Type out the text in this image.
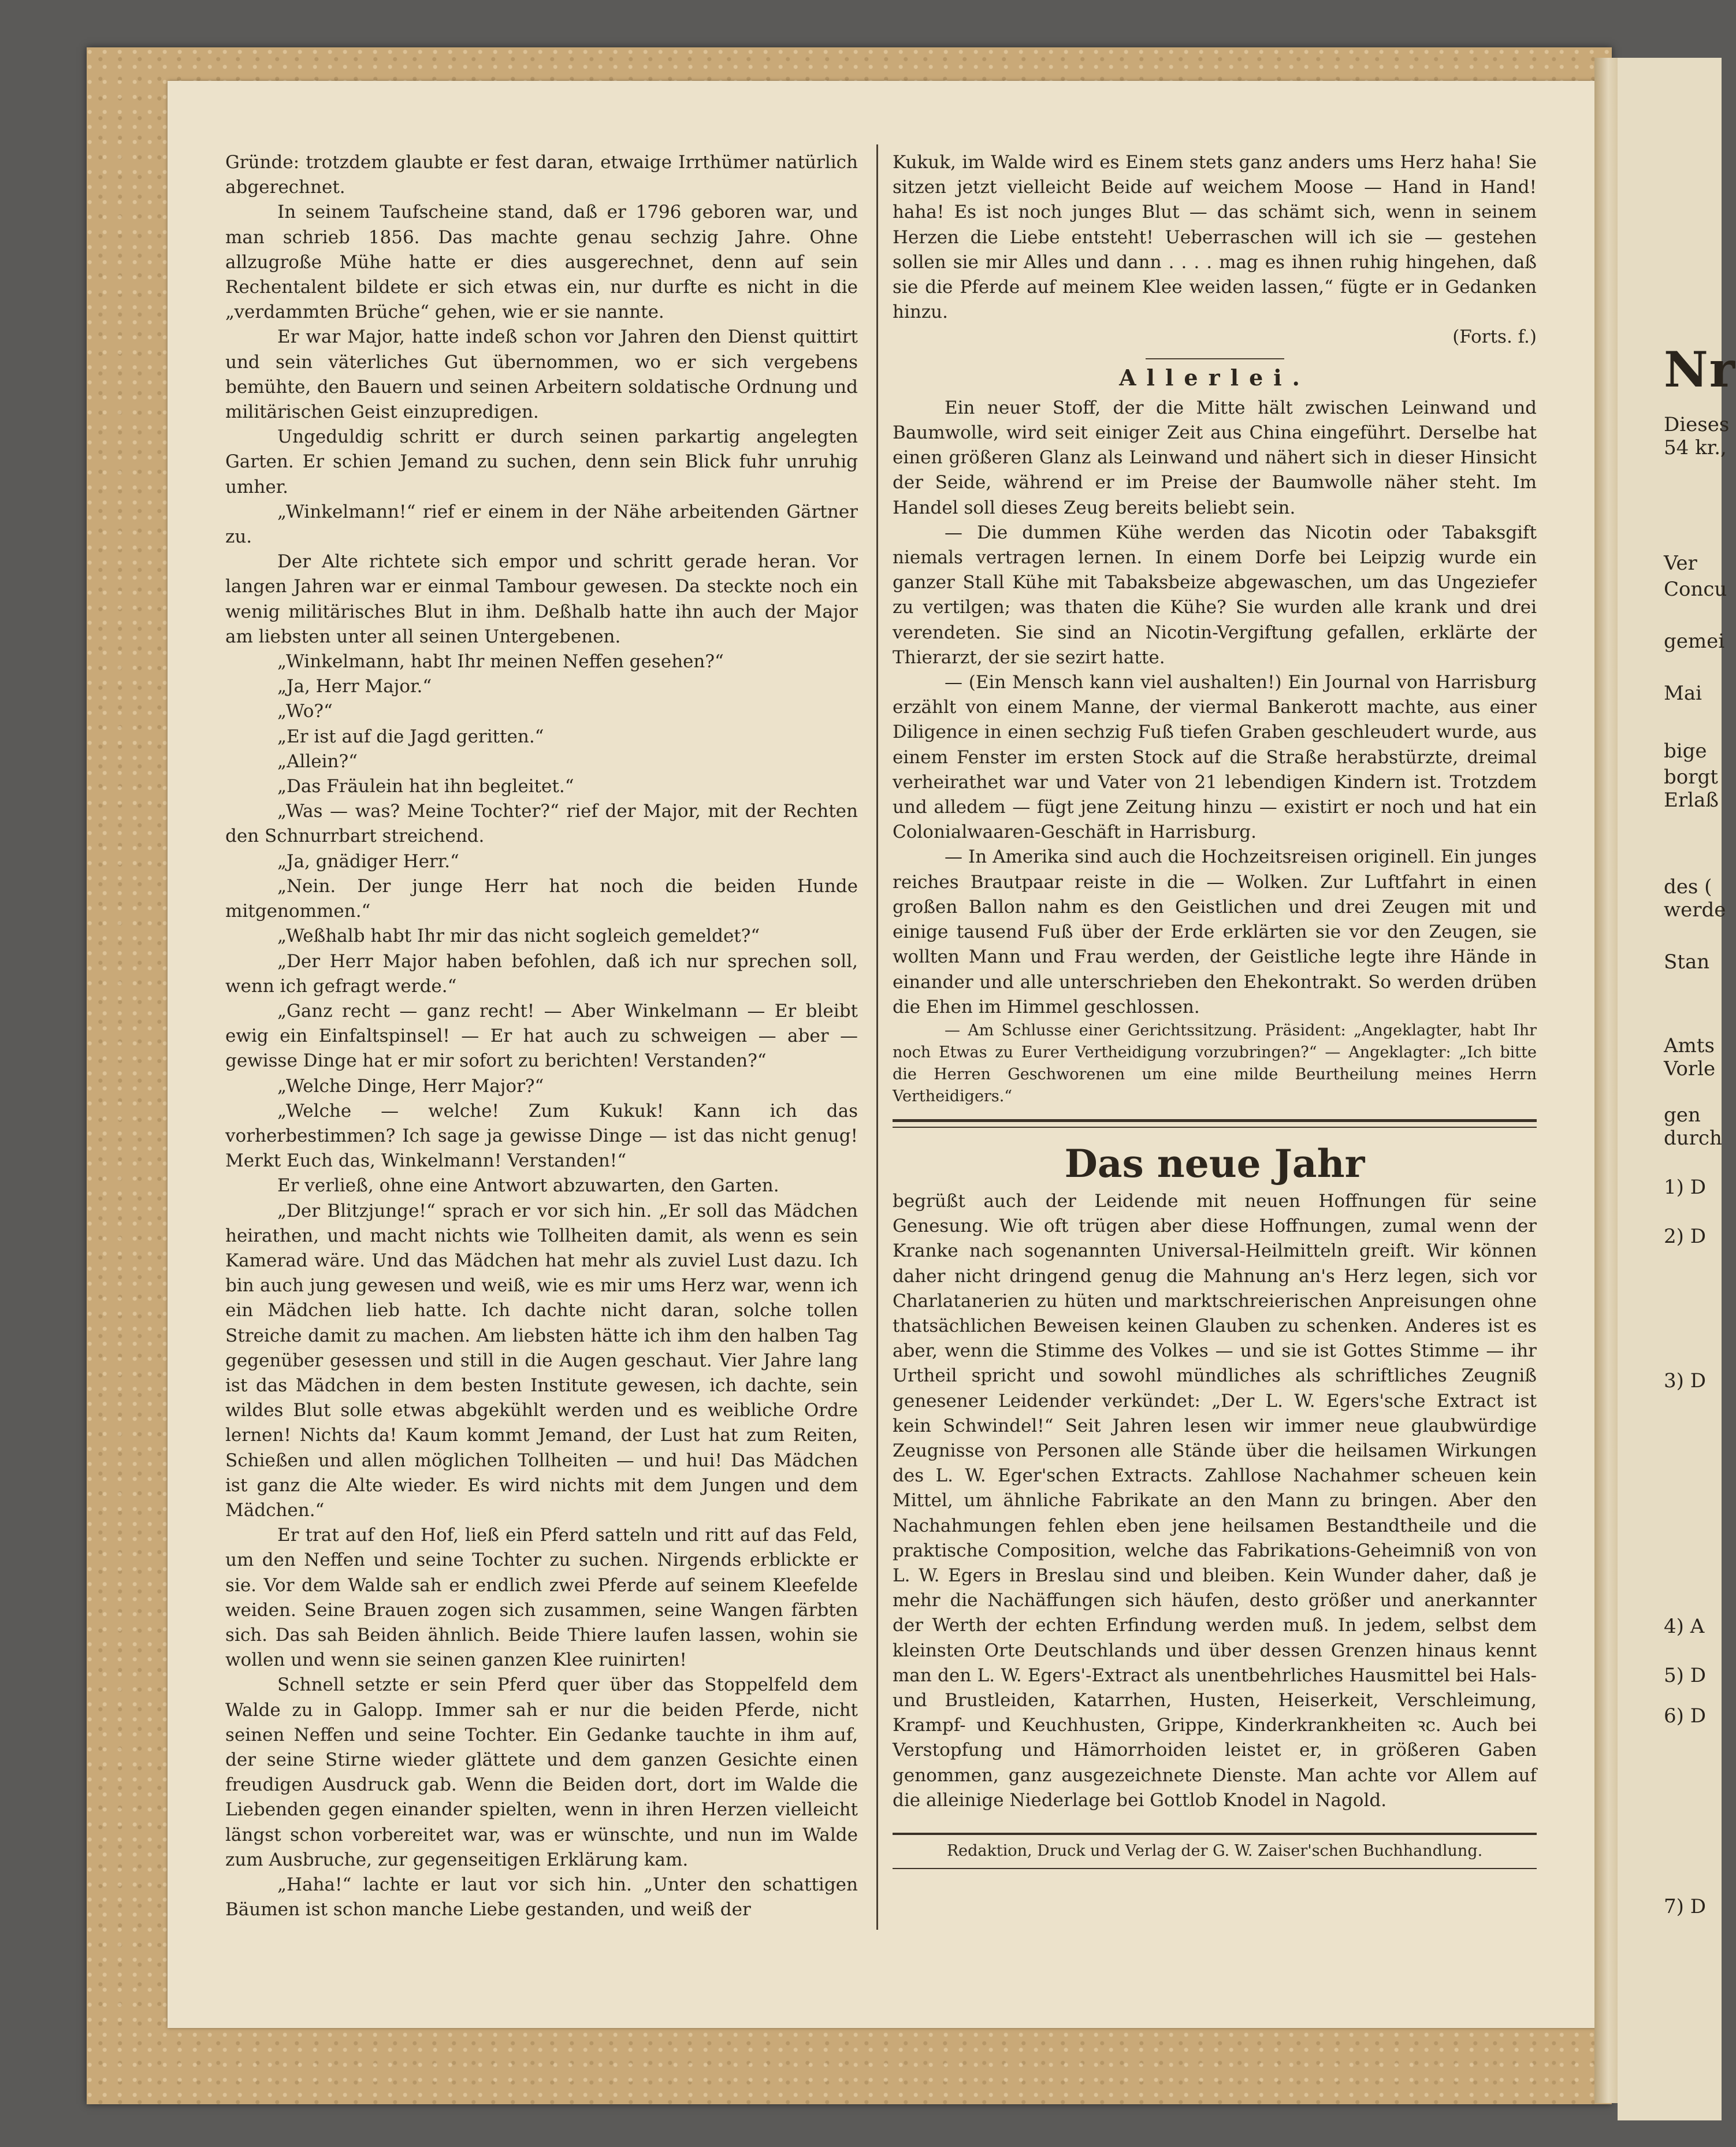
Nr
Dieses
54 kr.,
Ver
Concu
gemei
Mai
bige
borgt
Erlaß
des (
werde
Stan
Amts
Vorle
gen
durch
1) D
2) D
3) D
4) A
5) D
6) D
7) D

Gründe: trotzdem glaubte er fest daran, etwaige Irrthümer natürlich abgerechnet.

In seinem Taufscheine stand, daß er 1796 geboren war, und man schrieb 1856. Das machte genau sechzig Jahre. Ohne allzugroße Mühe hatte er dies ausgerechnet, denn auf sein Rechentalent bildete er sich etwas ein, nur durfte es nicht in die „verdammten Brüche“ gehen, wie er sie nannte.

Er war Major, hatte indeß schon vor Jahren den Dienst quittirt und sein väterliches Gut übernommen, wo er sich vergebens bemühte, den Bauern und seinen Arbeitern soldatische Ordnung und militärischen Geist einzupredigen.

Ungeduldig schritt er durch seinen parkartig angelegten Garten. Er schien Jemand zu suchen, denn sein Blick fuhr unruhig umher.

„Winkelmann!“ rief er einem in der Nähe arbeitenden Gärtner zu.

Der Alte richtete sich empor und schritt gerade heran. Vor langen Jahren war er einmal Tambour gewesen. Da steckte noch ein wenig militärisches Blut in ihm. Deßhalb hatte ihn auch der Major am liebsten unter all seinen Untergebenen.

„Winkelmann, habt Ihr meinen Neffen gesehen?“

„Ja, Herr Major.“

„Wo?“

„Er ist auf die Jagd geritten.“

„Allein?“

„Das Fräulein hat ihn begleitet.“

„Was — was? Meine Tochter?“ rief der Major, mit der Rechten den Schnurrbart streichend.

„Ja, gnädiger Herr.“

„Nein. Der junge Herr hat noch die beiden Hunde mitgenommen.“

„Weßhalb habt Ihr mir das nicht sogleich gemeldet?“

„Der Herr Major haben befohlen, daß ich nur sprechen soll, wenn ich gefragt werde.“

„Ganz recht — ganz recht! — Aber Winkelmann — Er bleibt ewig ein Einfaltspinsel! — Er hat auch zu schweigen — aber — gewisse Dinge hat er mir sofort zu berichten! Verstanden?“

„Welche Dinge, Herr Major?“

„Welche — welche! Zum Kukuk! Kann ich das vorherbestimmen? Ich sage ja gewisse Dinge — ist das nicht genug! Merkt Euch das, Winkelmann! Verstanden!“

Er verließ, ohne eine Antwort abzuwarten, den Garten.

„Der Blitzjunge!“ sprach er vor sich hin. „Er soll das Mädchen heirathen, und macht nichts wie Tollheiten damit, als wenn es sein Kamerad wäre. Und das Mädchen hat mehr als zuviel Lust dazu. Ich bin auch jung gewesen und weiß, wie es mir ums Herz war, wenn ich ein Mädchen lieb hatte. Ich dachte nicht daran, solche tollen Streiche damit zu machen. Am liebsten hätte ich ihm den halben Tag gegenüber gesessen und still in die Augen geschaut. Vier Jahre lang ist das Mädchen in dem besten Institute gewesen, ich dachte, sein wildes Blut solle etwas abgekühlt werden und es weibliche Ordre lernen! Nichts da! Kaum kommt Jemand, der Lust hat zum Reiten, Schießen und allen möglichen Tollheiten — und hui! Das Mädchen ist ganz die Alte wieder. Es wird nichts mit dem Jungen und dem Mädchen.“

Er trat auf den Hof, ließ ein Pferd satteln und ritt auf das Feld, um den Neffen und seine Tochter zu suchen. Nirgends erblickte er sie. Vor dem Walde sah er endlich zwei Pferde auf seinem Kleefelde weiden. Seine Brauen zogen sich zusammen, seine Wangen färbten sich. Das sah Beiden ähnlich. Beide Thiere laufen lassen, wohin sie wollen und wenn sie seinen ganzen Klee ruinirten!

Schnell setzte er sein Pferd quer über das Stoppelfeld dem Walde zu in Galopp. Immer sah er nur die beiden Pferde, nicht seinen Neffen und seine Tochter. Ein Gedanke tauchte in ihm auf, der seine Stirne wieder glättete und dem ganzen Gesichte einen freudigen Ausdruck gab. Wenn die Beiden dort, dort im Walde die Liebenden gegen einander spielten, wenn in ihren Herzen vielleicht längst schon vorbereitet war, was er wünschte, und nun im Walde zum Ausbruche, zur gegenseitigen Erklärung kam.

„Haha!“ lachte er laut vor sich hin. „Unter den schattigen Bäumen ist schon manche Liebe gestanden, und weiß der

Kukuk, im Walde wird es Einem stets ganz anders ums Herz haha! Sie sitzen jetzt vielleicht Beide auf weichem Moose — Hand in Hand! haha! Es ist noch junges Blut — das schämt sich, wenn in seinem Herzen die Liebe entsteht! Ueberraschen will ich sie — gestehen sollen sie mir Alles und dann . . . . mag es ihnen ruhig hingehen, daß sie die Pferde auf meinem Klee weiden lassen,“ fügte er in Gedanken hinzu.

(Forts. f.)
Allerlei.

Ein neuer Stoff, der die Mitte hält zwischen Leinwand und Baumwolle, wird seit einiger Zeit aus China eingeführt. Derselbe hat einen größeren Glanz als Leinwand und nähert sich in dieser Hinsicht der Seide, während er im Preise der Baumwolle näher steht. Im Handel soll dieses Zeug bereits beliebt sein.

— Die dummen Kühe werden das Nicotin oder Tabaksgift niemals vertragen lernen. In einem Dorfe bei Leipzig wurde ein ganzer Stall Kühe mit Tabaksbeize abgewaschen, um das Ungeziefer zu vertilgen; was thaten die Kühe? Sie wurden alle krank und drei verendeten. Sie sind an Nicotin-Vergiftung gefallen, erklärte der Thierarzt, der sie sezirt hatte.

— (Ein Mensch kann viel aushalten!) Ein Journal von Harrisburg erzählt von einem Manne, der viermal Bankerott machte, aus einer Diligence in einen sechzig Fuß tiefen Graben geschleudert wurde, aus einem Fenster im ersten Stock auf die Straße herabstürzte, dreimal verheirathet war und Vater von 21 lebendigen Kindern ist. Trotzdem und alledem — fügt jene Zeitung hinzu — existirt er noch und hat ein Colonialwaaren-Geschäft in Harrisburg.

— In Amerika sind auch die Hochzeitsreisen originell. Ein junges reiches Brautpaar reiste in die — Wolken. Zur Luftfahrt in einen großen Ballon nahm es den Geistlichen und drei Zeugen mit und einige tausend Fuß über der Erde erklärten sie vor den Zeugen, sie wollten Mann und Frau werden, der Geistliche legte ihre Hände in einander und alle unterschrieben den Ehekontrakt. So werden drüben die Ehen im Himmel geschlossen.

— Am Schlusse einer Gerichtssitzung. Präsident: „Angeklagter, habt Ihr noch Etwas zu Eurer Vertheidigung vorzubringen?“ — Angeklagter: „Ich bitte die Herren Geschworenen um eine milde Beurtheilung meines Herrn Vertheidigers.“

Das neue Jahr

begrüßt auch der Leidende mit neuen Hoffnungen für seine Genesung. Wie oft trügen aber diese Hoffnungen, zumal wenn der Kranke nach sogenannten Universal-Heilmitteln greift. Wir können daher nicht dringend genug die Mahnung an's Herz legen, sich vor Charlatanerien zu hüten und marktschreierischen Anpreisungen ohne thatsächlichen Beweisen keinen Glauben zu schenken. Anderes ist es aber, wenn die Stimme des Volkes — und sie ist Gottes Stimme — ihr Urtheil spricht und sowohl mündliches als schriftliches Zeugniß genesener Leidender verkündet: „Der L. W. Egers'sche Extract ist kein Schwindel!“ Seit Jahren lesen wir immer neue glaubwürdige Zeugnisse von Personen alle Stände über die heilsamen Wirkungen des L. W. Eger'schen Extracts. Zahllose Nachahmer scheuen kein Mittel, um ähnliche Fabrikate an den Mann zu bringen. Aber den Nachahmungen fehlen eben jene heilsamen Bestandtheile und die praktische Composition, welche das Fabrikations-Geheimniß von von L. W. Egers in Breslau sind und bleiben. Kein Wunder daher, daß je mehr die Nachäffungen sich häufen, desto größer und anerkannter der Werth der echten Erfindung werden muß. In jedem, selbst dem kleinsten Orte Deutschlands und über dessen Grenzen hinaus kennt man den L. W. Egers'-Extract als unentbehrliches Hausmittel bei Hals- und Brustleiden, Katarrhen, Husten, Heiserkeit, Verschleimung, Krampf- und Keuchhusten, Grippe, Kinderkrankheiten ꝛc. Auch bei Verstopfung und Hämorrhoiden leistet er, in größeren Gaben genommen, ganz ausgezeichnete Dienste. Man achte vor Allem auf die alleinige Niederlage bei Gottlob Knodel in Nagold.

Redaktion, Druck und Verlag der G. W. Zaiser'schen Buchhandlung.
